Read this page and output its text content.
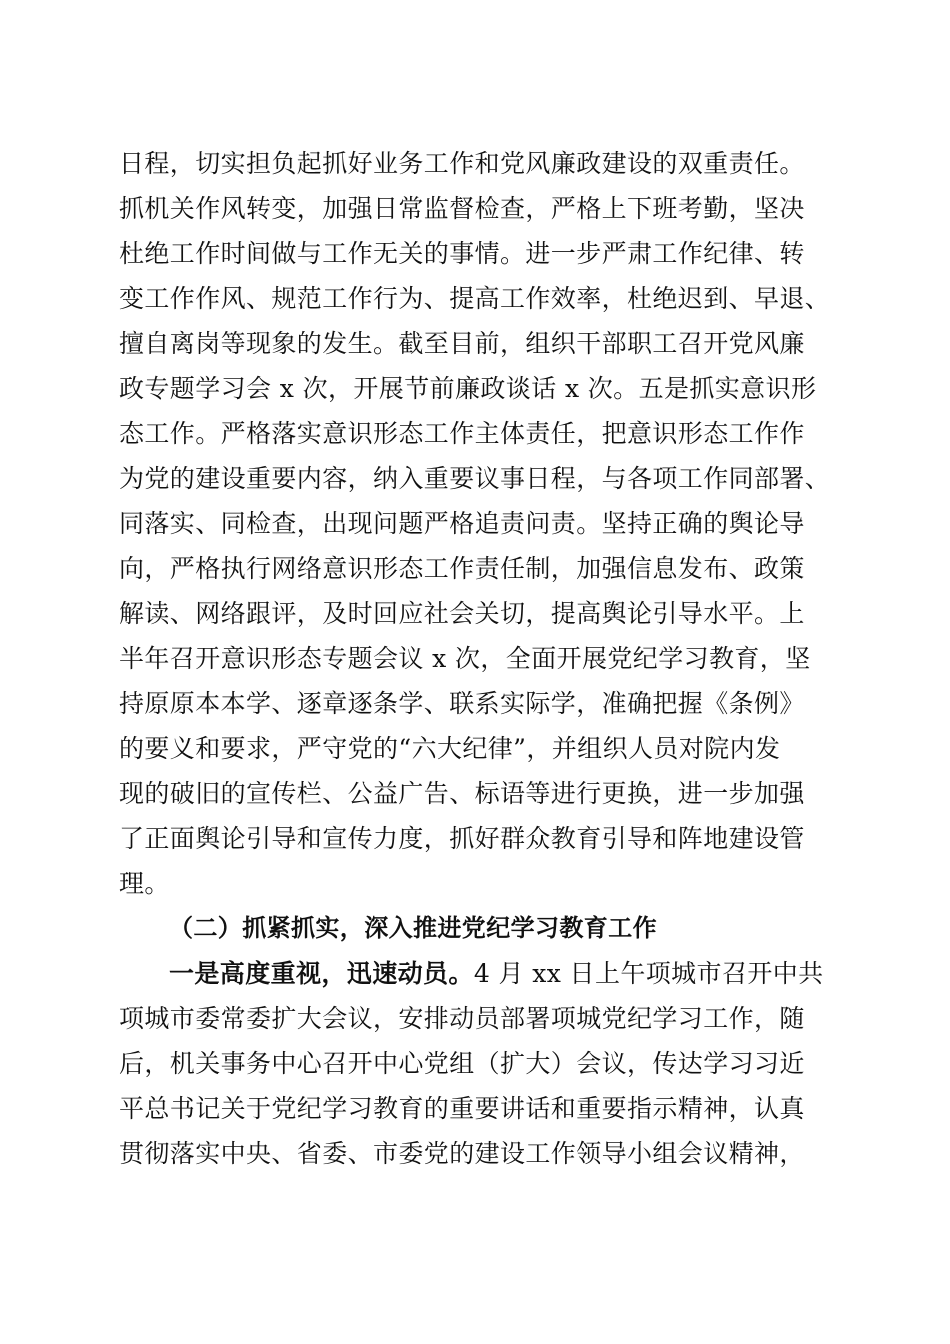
日程，切实担负起抓好业务工作和党风廉政建设的双重责任。
抓机关作风转变，加强日常监督检查，严格上下班考勤，坚决
杜绝工作时间做与工作无关的事情。进一步严肃工作纪律、转
变工作作风、规范工作行为、提高工作效率，杜绝迟到、早退、
擅自离岗等现象的发生。截至目前，组织干部职工召开党风廉
政专题学习会 x 次，开展节前廉政谈话 x 次。五是抓实意识形
态工作。严格落实意识形态工作主体责任，把意识形态工作作
为党的建设重要内容，纳入重要议事日程，与各项工作同部署、
同落实、同检查，出现问题严格追责问责。坚持正确的舆论导
向，严格执行网络意识形态工作责任制，加强信息发布、政策
解读、网络跟评，及时回应社会关切，提高舆论引导水平。上
半年召开意识形态专题会议 x 次，全面开展党纪学习教育，坚
持原原本本学、逐章逐条学、联系实际学，准确把握《条例》
的要义和要求，严守党的“六大纪律”，并组织人员对院内发
现的破旧的宣传栏、公益广告、标语等进行更换，进一步加强
了正面舆论引导和宣传力度，抓好群众教育引导和阵地建设管
理。
（二）抓紧抓实，深入推进党纪学习教育工作
一是高度重视，迅速动员。4 月 xx 日上午项城市召开中共
项城市委常委扩大会议，安排动员部署项城党纪学习工作，随
后，机关事务中心召开中心党组（扩大）会议，传达学习习近
平总书记关于党纪学习教育的重要讲话和重要指示精神，认真
贯彻落实中央、省委、市委党的建设工作领导小组会议精神，
